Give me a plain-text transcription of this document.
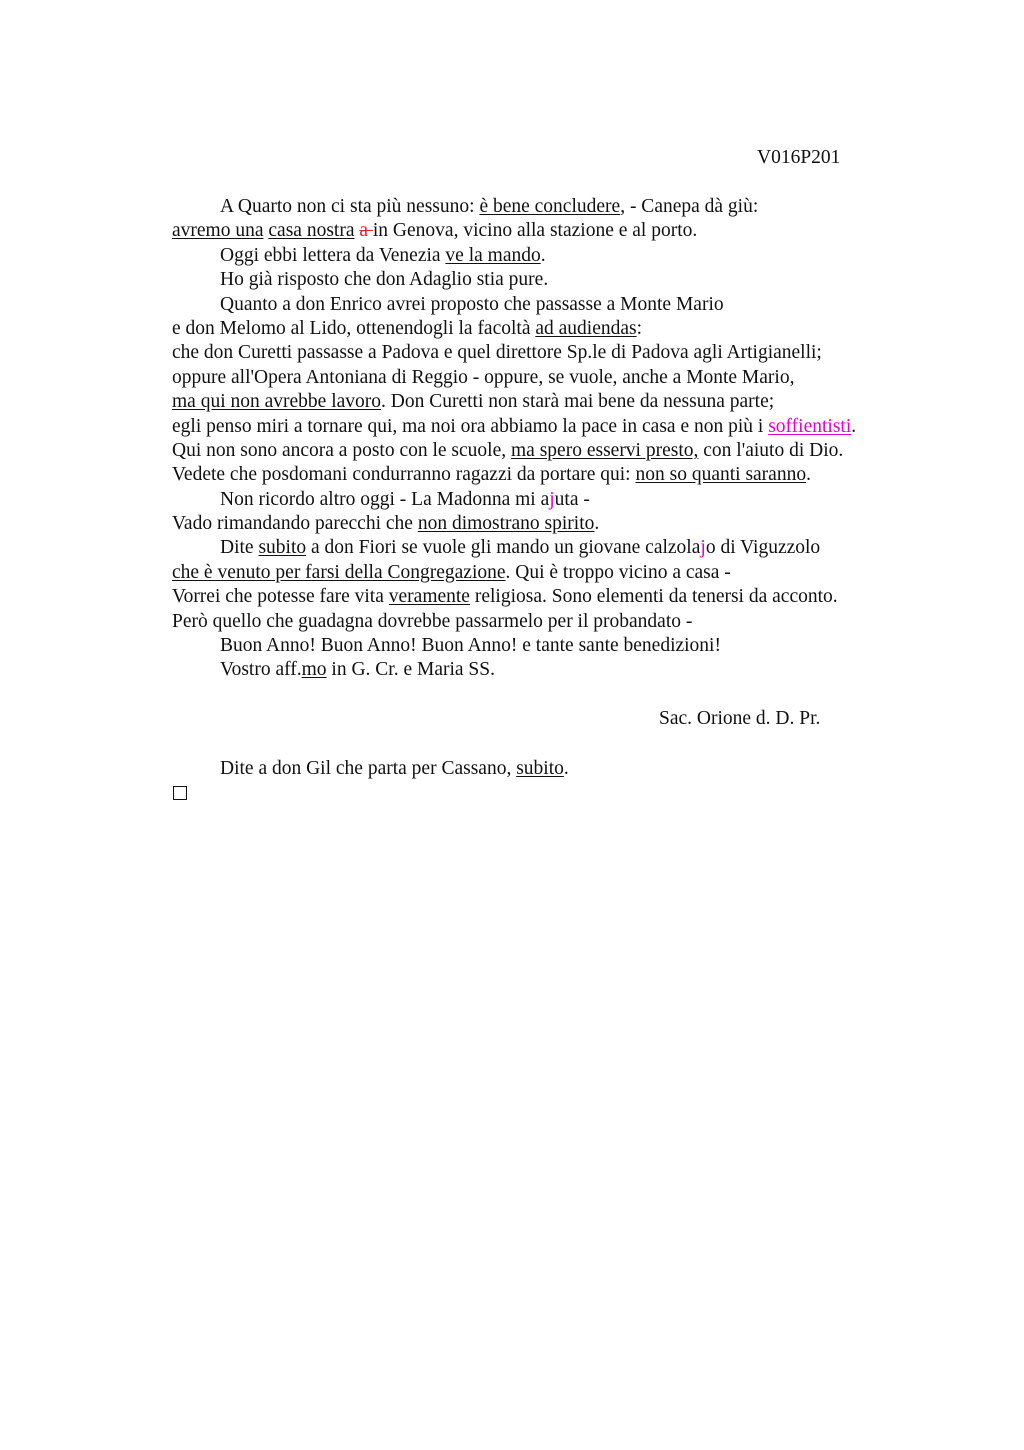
V016P201
A Quarto non ci sta più nessuno: è bene concludere, - Canepa dà giù:
avremo una casa nostra a in Genova, vicino alla stazione e al porto.
Oggi ebbi lettera da Venezia ve la mando.
Ho già risposto che don Adaglio stia pure.
Quanto a don Enrico avrei proposto che passasse a Monte Mario
e don Melomo al Lido, ottenendogli la facoltà ad audiendas:
che don Curetti passasse a Padova e quel direttore Sp.le di Padova agli Artigianelli;
oppure all'Opera Antoniana di Reggio - oppure, se vuole, anche a Monte Mario,
ma qui non avrebbe lavoro. Don Curetti non starà mai bene da nessuna parte;
egli penso miri a tornare qui, ma noi ora abbiamo la pace in casa e non più i soffientisti.
Qui non sono ancora a posto con le scuole, ma spero esservi presto, con l'aiuto di Dio.
Vedete che posdomani condurranno ragazzi da portare qui: non so quanti saranno.
Non ricordo altro oggi - La Madonna mi ajuta -
Vado rimandando parecchi che non dimostrano spirito.
Dite subito a don Fiori se vuole gli mando un giovane calzolajo di Viguzzolo
che è venuto per farsi della Congregazione. Qui è troppo vicino a casa -
Vorrei che potesse fare vita veramente religiosa. Sono elementi da tenersi da acconto.
Però quello che guadagna dovrebbe passarmelo per il probandato -
Buon Anno! Buon Anno! Buon Anno! e tante sante benedizioni!
Vostro aff.mo in G. Cr. e Maria SS.
Sac. Orione d. D. Pr.
Dite a don Gil che parta per Cassano, subito.
